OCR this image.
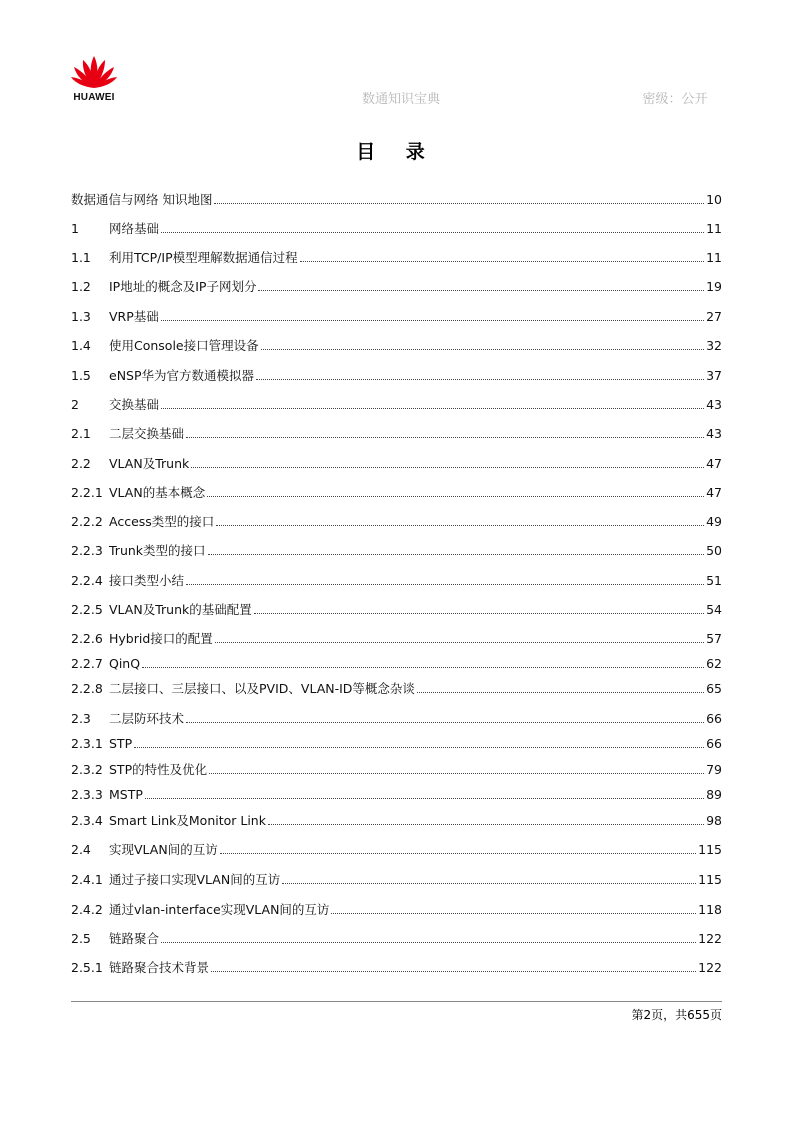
HUAWEI	数通知识宝典	密级：公开
目 录
数据通信与网络 知识地图	10
1	网络基础	11
1.1	利用TCP/IP模型理解数据通信过程	11
1.2	IP地址的概念及IP子网划分	19
1.3	VRP基础	27
1.4	使用Console接口管理设备	32
1.5	eNSP华为官方数通模拟器	37
2	交换基础	43
2.1	二层交换基础	43
2.2	VLAN及Trunk	47
2.2.1 VLAN的基本概念	47
2.2.2 Access类型的接口	49
2.2.3 Trunk类型的接口	50
2.2.4 接口类型小结	51
2.2.5 VLAN及Trunk的基础配置	54
2.2.6 Hybrid接口的配置	57
2.2.7 QinQ	62
2.2.8 二层接口、三层接口、以及PVID、VLAN-ID等概念杂谈	65
2.3	二层防环技术	66
2.3.1 STP	66
2.3.2 STP的特性及优化	79
2.3.3 MSTP	89
2.3.4 Smart Link及Monitor Link	98
2.4	实现VLAN间的互访	115
2.4.1 通过子接口实现VLAN间的互访	115
2.4.2 通过vlan-interface实现VLAN间的互访	118
2.5	链路聚合	122
2.5.1 链路聚合技术背景	122
第2页，共655页
